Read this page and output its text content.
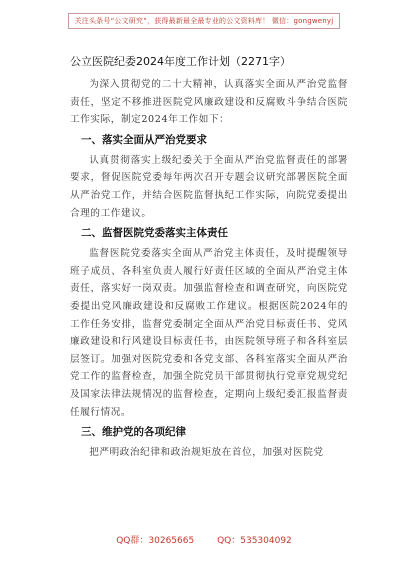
关注头条号“公文研究”，获得最新最全最专业的公文资料库！ 微信：gongwenyj
公立医院纪委2024年度工作计划（2271字）

为深入贯彻党的二十大精神，认真落实全面从严治党监督责任，坚定不移推进医院党风廉政建设和反腐败斗争结合医院工作实际，制定2024年工作如下：

一、落实全面从严治党要求

认真贯彻落实上级纪委关于全面从严治党监督责任的部署要求，督促医院党委每年两次召开专题会议研究部署医院全面从严治党工作，并结合医院监督执纪工作实际，向院党委提出合理的工作建议。

二、监督医院党委落实主体责任

监督医院党委落实全面从严治党主体责任，及时提醒领导班子成员、各科室负责人履行好责任区域的全面从严治党主体责任，落实好一岗双责。加强监督检查和调查研究，向医院党委提出党风廉政建设和反腐败工作建议。根据医院2024年的工作任务安排，监督党委制定全面从严治党目标责任书、党风廉政建设和行风建设目标责任书，由医院领导班子和各科室层层签订。加强对医院党委和各党支部、各科室落实全面从严治党工作的监督检查，加强全院党员干部贯彻执行党章党规党纪及国家法律法规情况的监督检查，定期向上级纪委汇报监督责任履行情况。

三、维护党的各项纪律

把严明政治纪律和政治规矩放在首位，加强对医院党

QQ群：30265665	QQ：535304092
